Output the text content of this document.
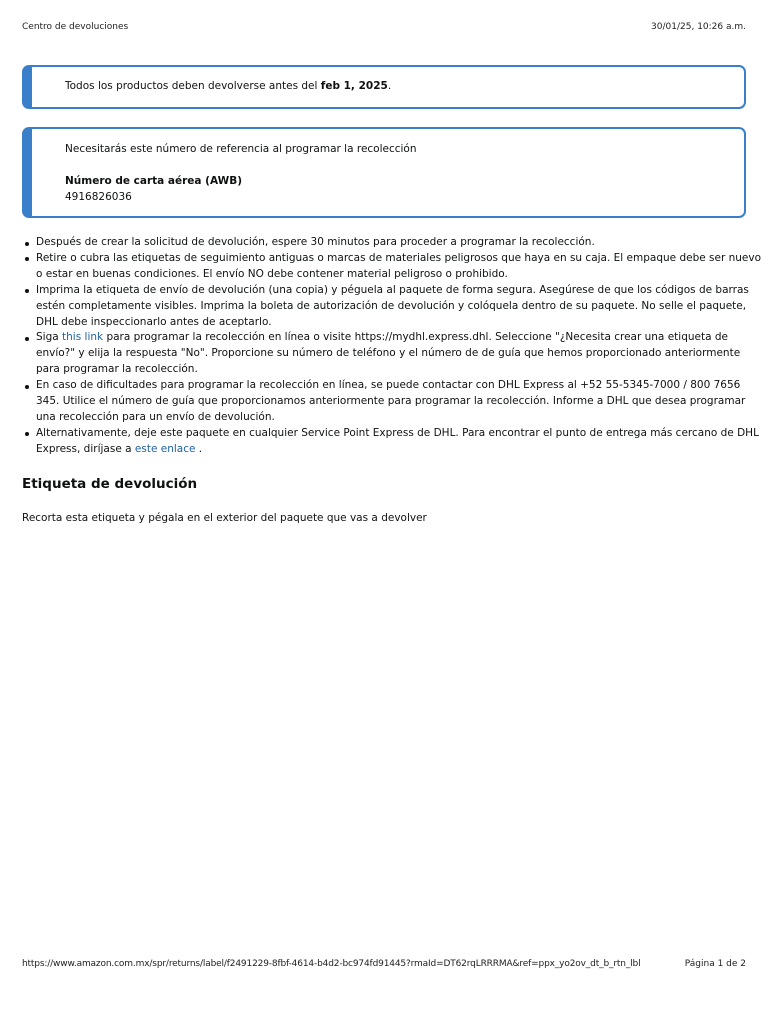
Centro de devoluciones	30/01/25, 10:26 a.m.
Todos los productos deben devolverse antes del feb 1, 2025.
Necesitarás este número de referencia al programar la recolección
Número de carta aérea (AWB)
4916826036
Después de crear la solicitud de devolución, espere 30 minutos para proceder a programar la recolección.
Retire o cubra las etiquetas de seguimiento antiguas o marcas de materiales peligrosos que haya en su caja. El empaque debe ser nuevo o estar en buenas condiciones. El envío NO debe contener material peligroso o prohibido.
Imprima la etiqueta de envío de devolución (una copia) y péguela al paquete de forma segura. Asegúrese de que los códigos de barras estén completamente visibles. Imprima la boleta de autorización de devolución y colóquela dentro de su paquete. No selle el paquete, DHL debe inspeccionarlo antes de aceptarlo.
Siga this link para programar la recolección en línea o visite https://mydhl.express.dhl. Seleccione "¿Necesita crear una etiqueta de envío?" y elija la respuesta "No". Proporcione su número de teléfono y el número de de guía que hemos proporcionado anteriormente para programar la recolección.
En caso de dificultades para programar la recolección en línea, se puede contactar con DHL Express al +52 55-5345-7000 / 800 7656 345. Utilice el número de guía que proporcionamos anteriormente para programar la recolección. Informe a DHL que desea programar una recolección para un envío de devolución.
Alternativamente, deje este paquete en cualquier Service Point Express de DHL. Para encontrar el punto de entrega más cercano de DHL Express, diríjase a este enlace .
Etiqueta de devolución
Recorta esta etiqueta y pégala en el exterior del paquete que vas a devolver
https://www.amazon.com.mx/spr/returns/label/f2491229-8fbf-4614-b4d2-bc974fd91445?rmaId=DT62rqLRRRMA&ref=ppx_yo2ov_dt_b_rtn_lbl	Página 1 de 2
